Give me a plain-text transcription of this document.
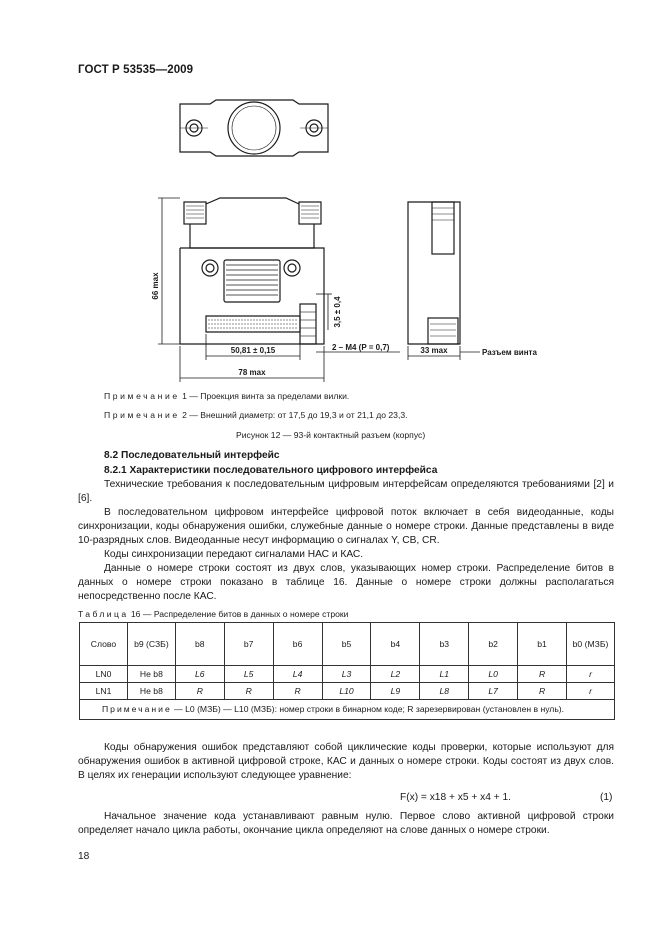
ГОСТ Р 53535—2009
66 max
3,5 ± 0,4
50,81 ± 0,15	2 – M4 (P = 0,7)
78 max
33 max	Разъем винта
Примечание 1 — Проекция винта за пределами вилки.
Примечание 2 — Внешний диаметр: от 17,5 до 19,3 и от 21,1 до 23,3.
Рисунок 12 — 93-й контактный разъем (корпус)
8.2 Последовательный интерфейс
8.2.1 Характеристики последовательного цифрового интерфейса
Технические требования к последовательным цифровым интерфейсам определяются требованиями [2] и [6].
В последовательном цифровом интерфейсе цифровой поток включает в себя видеоданные, коды синхронизации, коды обнаружения ошибки, служебные данные о номере строки. Данные представлены в виде 10-разрядных слов. Видеоданные несут информацию о сигналах Y, CB, CR.
Коды синхронизации передают сигналами НАС и КАС.
Данные о номере строки состоят из двух слов, указывающих номер строки. Распределение битов в данных о номере строки показано в таблице 16. Данные о номере строки должны располагаться непосредственно после КАС.
Таблица 16 — Распределение битов в данных о номере строки
Слово	b9 (СЗБ)	b8	b7	b6	b5	b4	b3	b2	b1	b0 (МЗБ)
LN0	Не b8	L6	L5	L4	L3	L2	L1	L0	R	r
LN1	Не b8	R	R	R	L10	L9	L8	L7	R	r
Примечание — L0 (МЗБ) — L10 (МЗБ): номер строки в бинарном коде; R зарезервирован (установлен в нуль).										
Коды обнаружения ошибок представляют собой циклические коды проверки, которые используют для обнаружения ошибок в активной цифровой строке, КАС и данных о номере строки. Коды состоят из двух слов. В целях их генерации используют следующее уравнение:
F(x) = x18 + x5 + x4 + 1.	(1)
Начальное значение кода устанавливают равным нулю. Первое слово активной цифровой строки определяет начало цикла работы, окончание цикла определяют на слове данных о номере строки.
18
